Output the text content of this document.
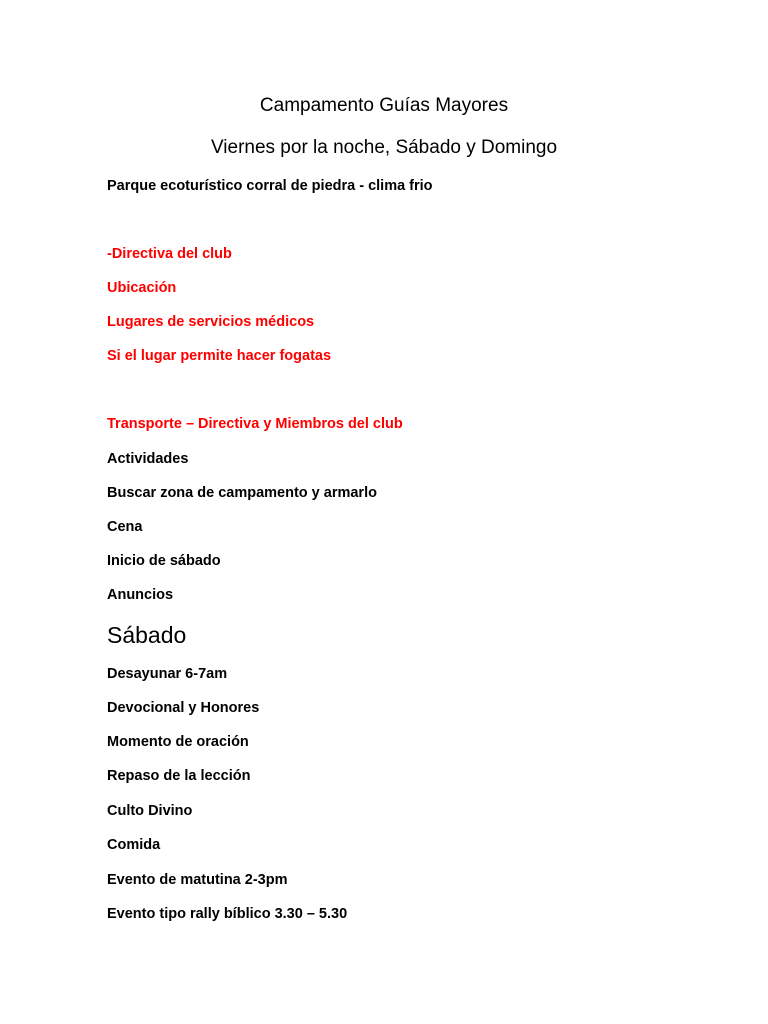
Campamento Guías Mayores
Viernes por la noche, Sábado y Domingo
Parque ecoturístico corral de piedra - clima frio
-Directiva del club
Ubicación
Lugares de servicios médicos
Si el lugar permite hacer fogatas
Transporte – Directiva y Miembros del club
Actividades
Buscar zona de campamento y armarlo
Cena
Inicio de sábado
Anuncios
Sábado
Desayunar 6-7am
Devocional y Honores
Momento de oración
Repaso de la lección
Culto Divino
Comida
Evento de matutina 2-3pm
Evento tipo rally bíblico 3.30 – 5.30
